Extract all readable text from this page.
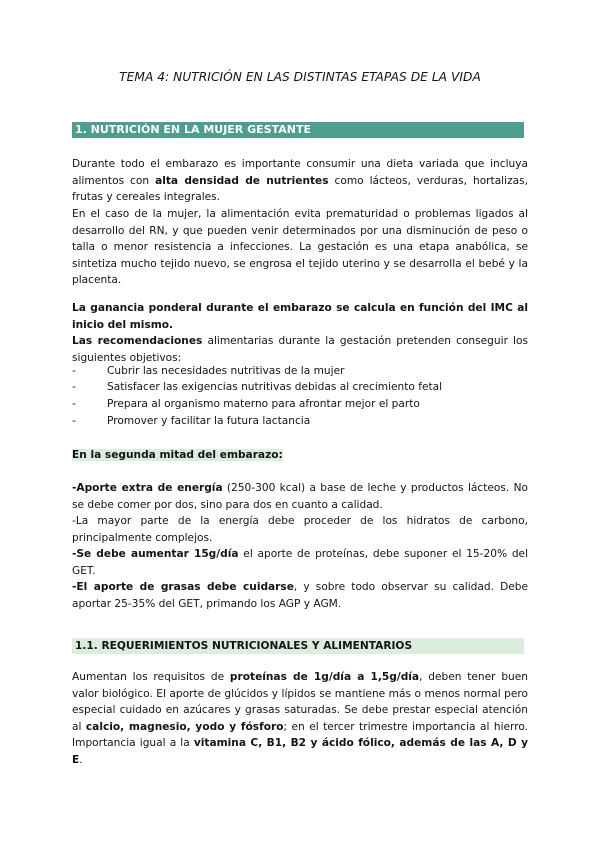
TEMA 4: NUTRICIÓN EN LAS DISTINTAS ETAPAS DE LA VIDA
1. NUTRICIÓN EN LA MUJER GESTANTE

Durante todo el embarazo es importante consumir una dieta variada que incluya alimentos con alta densidad de nutrientes como lácteos, verduras, hortalizas, frutas y cereales integrales.

En el caso de la mujer, la alimentación evita prematuridad o problemas ligados al desarrollo del RN, y que pueden venir determinados por una disminución de peso o talla o menor resistencia a infecciones. La gestación es una etapa anabólica, se sintetiza mucho tejido nuevo, se engrosa el tejido uterino y se desarrolla el bebé y la placenta.

La ganancia ponderal durante el embarazo se calcula en función del IMC al inicio del mismo.

Las recomendaciones alimentarias durante la gestación pretenden conseguir los siguientes objetivos:

-	Cubrir las necesidades nutritivas de la mujer
-	Satisfacer las exigencias nutritivas debidas al crecimiento fetal
-	Prepara al organismo materno para afrontar mejor el parto
-	Promover y facilitar la futura lactancia

En la segunda mitad del embarazo:

-Aporte extra de energía (250-300 kcal) a base de leche y productos lácteos. No se debe comer por dos, sino para dos en cuanto a calidad.

-La mayor parte de la energía debe proceder de los hidratos de carbono, principalmente complejos.

-Se debe aumentar 15g/día el aporte de proteínas, debe suponer el 15-20% del GET.

-El aporte de grasas debe cuidarse, y sobre todo observar su calidad. Debe aportar 25-35% del GET, primando los AGP y AGM.

1.1. REQUERIMIENTOS NUTRICIONALES Y ALIMENTARIOS

Aumentan los requisitos de proteínas de 1g/día a 1,5g/día, deben tener buen valor biológico. El aporte de glúcidos y lípidos se mantiene más o menos normal pero especial cuidado en azúcares y grasas saturadas. Se debe prestar especial atención al calcio, magnesio, yodo y fósforo; en el tercer trimestre importancia al hierro. Importancia igual a la vitamina C, B1, B2 y ácido fólico, además de las A, D y E.
